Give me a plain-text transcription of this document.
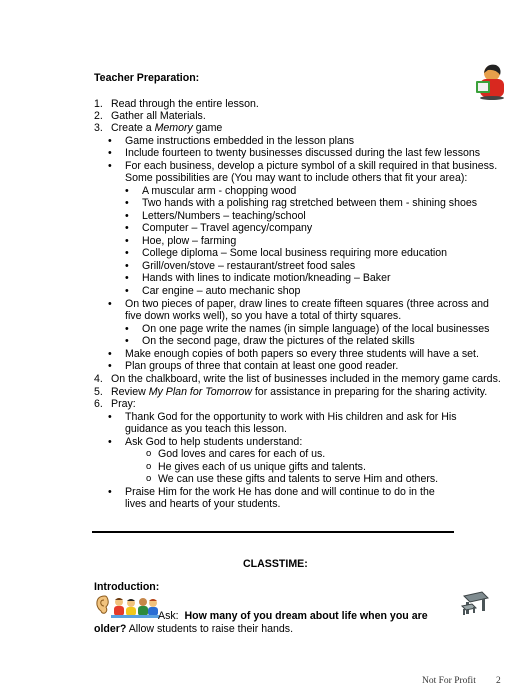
Teacher Preparation:
1. Read through the entire lesson.
2. Gather all Materials.
3. Create a Memory game
• Game instructions embedded in the lesson plans
• Include fourteen to twenty businesses discussed during the last few lessons
• For each business, develop a picture symbol of a skill required in that business.
Some possibilities are (You may want to include others that fit your area):
• A muscular arm - chopping wood
• Two hands with a polishing rag stretched between them - shining shoes
• Letters/Numbers – teaching/school
• Computer – Travel agency/company
• Hoe, plow – farming
• College diploma – Some local business requiring more education
• Grill/oven/stove – restaurant/street food sales
• Hands with lines to indicate motion/kneading – Baker
• Car engine – auto mechanic shop
• On two pieces of paper, draw lines to create fifteen squares (three across and
five down works well), so you have a total of thirty squares.
• On one page write the names (in simple language) of the local businesses
• On the second page, draw the pictures of the related skills
• Make enough copies of both papers so every three students will have a set.
• Plan groups of three that contain at least one good reader.
4. On the chalkboard, write the list of businesses included in the memory game cards.
5. Review My Plan for Tomorrow for assistance in preparing for the sharing activity.
6. Pray:
• Thank God for the opportunity to work with His children and ask for His
guidance as you teach this lesson.
• Ask God to help students understand:
o God loves and cares for each of us.
o He gives each of us unique gifts and talents.
o We can use these gifts and talents to serve Him and others.
• Praise Him for the work He has done and will continue to do in the
lives and hearts of your students.
CLASSTIME:
Introduction:
Ask: How many of you dream about life when you are
older? Allow students to raise their hands.
Not For Profit 2
